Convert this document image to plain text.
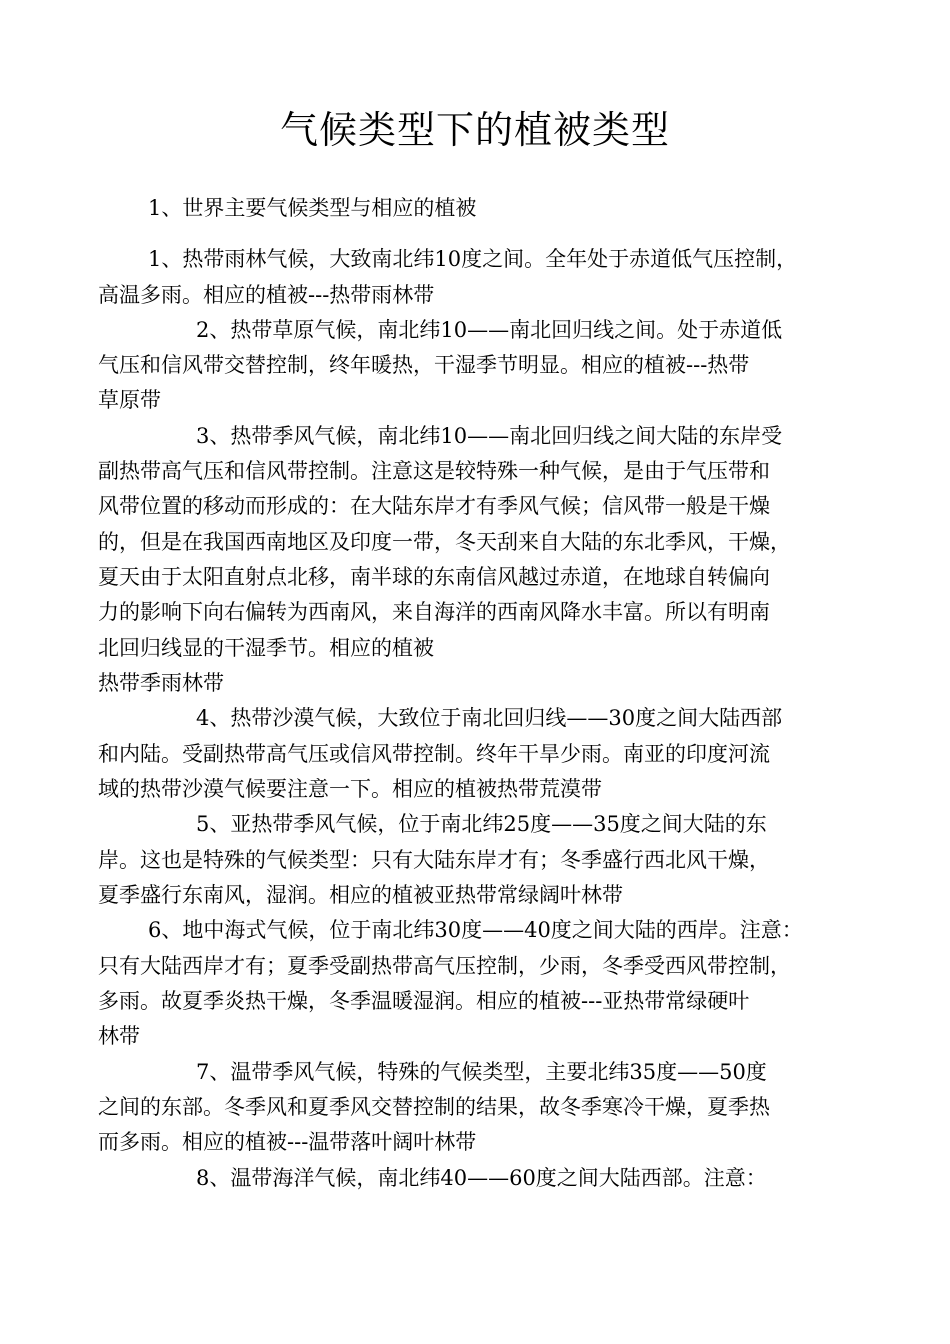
气候类型下的植被类型

1、世界主要气候类型与相应的植被

1、热带雨林气候，大致南北纬10度之间。全年处于赤道低气压控制，

高温多雨。相应的植被---热带雨林带

2、热带草原气候，南北纬10——南北回归线之间。处于赤道低

气压和信风带交替控制，终年暖热，干湿季节明显。相应的植被---热带

草原带

3、热带季风气候，南北纬10——南北回归线之间大陆的东岸受

副热带高气压和信风带控制。注意这是较特殊一种气候，是由于气压带和

风带位置的移动而形成的：在大陆东岸才有季风气候；信风带一般是干燥

的，但是在我国西南地区及印度一带，冬天刮来自大陆的东北季风，干燥，

夏天由于太阳直射点北移，南半球的东南信风越过赤道，在地球自转偏向

力的影响下向右偏转为西南风，来自海洋的西南风降水丰富。所以有明南

北回归线显的干湿季节。相应的植被

热带季雨林带

4、热带沙漠气候，大致位于南北回归线——30度之间大陆西部

和内陆。受副热带高气压或信风带控制。终年干旱少雨。南亚的印度河流

域的热带沙漠气候要注意一下。相应的植被热带荒漠带

5、亚热带季风气候，位于南北纬25度——35度之间大陆的东

岸。这也是特殊的气候类型：只有大陆东岸才有；冬季盛行西北风干燥，

夏季盛行东南风，湿润。相应的植被亚热带常绿阔叶林带

6、地中海式气候，位于南北纬30度——40度之间大陆的西岸。注意：

只有大陆西岸才有；夏季受副热带高气压控制，少雨，冬季受西风带控制，

多雨。故夏季炎热干燥，冬季温暖湿润。相应的植被---亚热带常绿硬叶

林带

7、温带季风气候，特殊的气候类型，主要北纬35度——50度

之间的东部。冬季风和夏季风交替控制的结果，故冬季寒冷干燥，夏季热

而多雨。相应的植被---温带落叶阔叶林带

8、温带海洋气候，南北纬40——60度之间大陆西部。注意：
